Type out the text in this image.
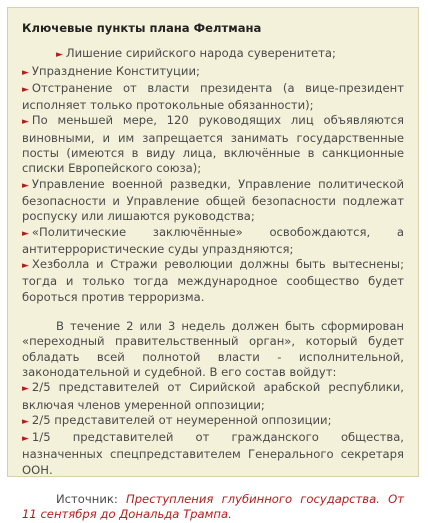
Ключевые пункты плана Фелтмана

► Лишение сирийского народа суверенитета;

► Упразднение Конституции;

► Отстранение от власти президента (а вице-президент исполняет только протокольные обязанности);

► По меньшей мере, 120 руководящих лиц объявляются виновными, и им запрещается занимать государственные посты (имеются в виду лица, включённые в санкционные списки Европейского союза);

► Управление военной разведки, Управление политической безопасности и Управление общей безопасности подлежат роспуску или лишаются руководства;

► «Политические заключённые» освобождаются, а антитеррористические суды упраздняются;

► Хезболла и Стражи революции должны быть вытеснены; тогда и только тогда международное сообщество будет бороться против терроризма.

В течение 2 или 3 недель должен быть сформирован «переходный правительственный орган», который будет обладать всей полнотой власти - исполнительной, законодательной и судебной. В его состав войдут:

► 2/5 представителей от Сирийской арабской республики, включая членов умеренной оппозиции;

► 2/5 представителей от неумеренной оппозиции;

► 1/5 представителей от гражданского общества, назначенных спецпредставителем Генерального секретаря ООН.

Источник: Преступления глубинного государства. От 11 сентября до Дональда Трампа.
